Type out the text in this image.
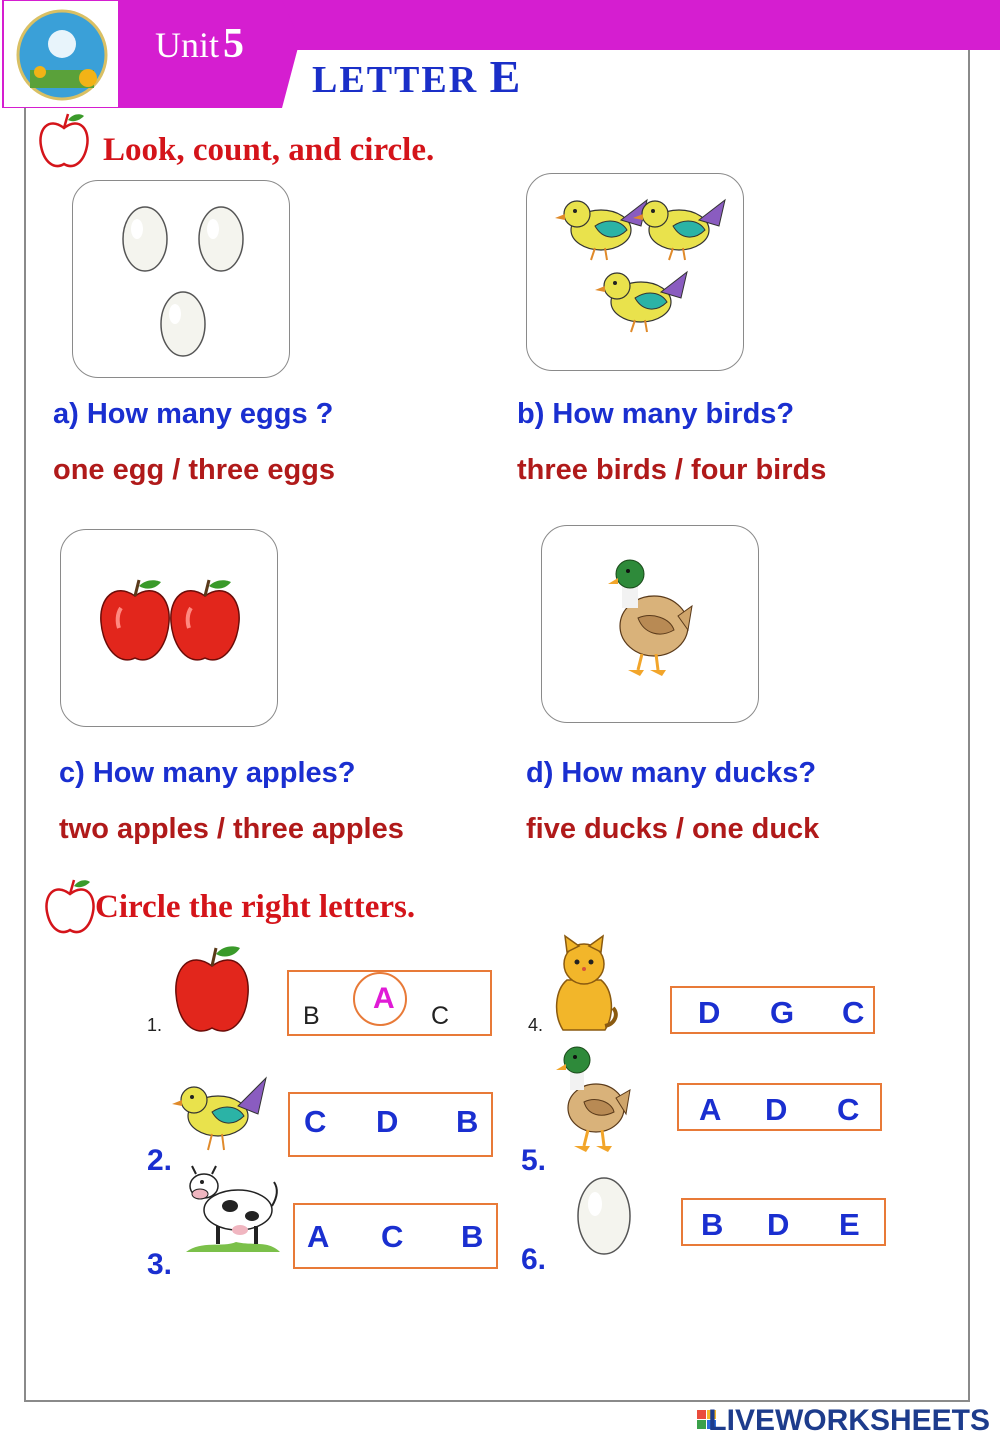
Unit5
LETTER E
Look, count, and circle.
a) How many eggs ?
one egg / three eggs
b) How many birds?
three birds / four birds
c) How many apples?
two apples / three apples
d) How many ducks?
five ducks / one duck
Circle the right letters.
1.	B
A
C
2.
C D B
3.
A C B
4.	D G C
5.
A D C
6.
B D E
LIVEWORKSHEETS
